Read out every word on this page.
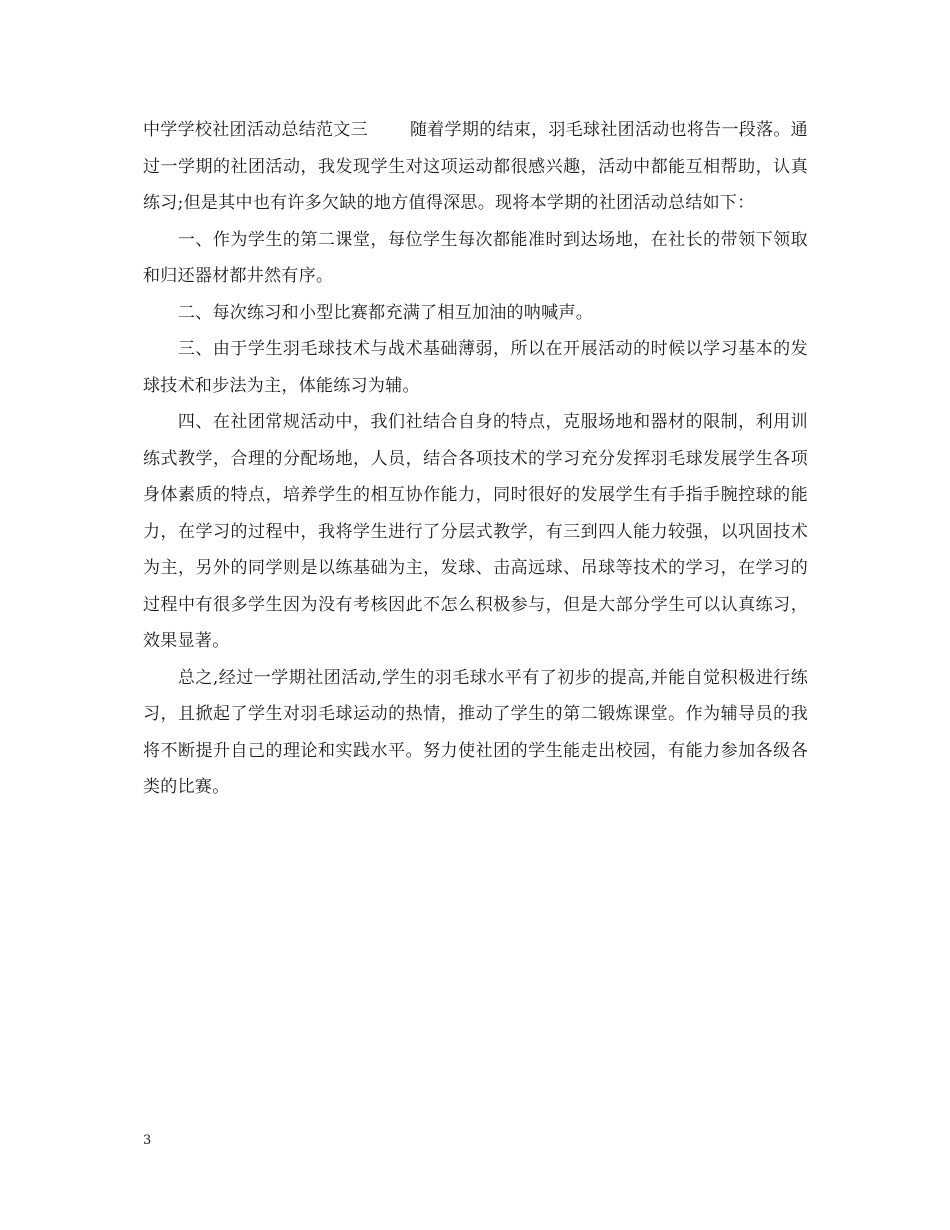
中学学校社团活动总结范文三 随着学期的结束，羽毛球社团活动也将告一段落。通过一学期的社团活动，我发现学生对这项运动都很感兴趣，活动中都能互相帮助，认真练习;但是其中也有许多欠缺的地方值得深思。现将本学期的社团活动总结如下：

一、作为学生的第二课堂，每位学生每次都能准时到达场地，在社长的带领下领取和归还器材都井然有序。

二、每次练习和小型比赛都充满了相互加油的呐喊声。

三、由于学生羽毛球技术与战术基础薄弱，所以在开展活动的时候以学习基本的发球技术和步法为主，体能练习为辅。

四、在社团常规活动中，我们社结合自身的特点，克服场地和器材的限制，利用训练式教学，合理的分配场地，人员，结合各项技术的学习充分发挥羽毛球发展学生各项身体素质的特点，培养学生的相互协作能力，同时很好的发展学生有手指手腕控球的能力，在学习的过程中，我将学生进行了分层式教学，有三到四人能力较强，以巩固技术为主，另外的同学则是以练基础为主，发球、击高远球、吊球等技术的学习，在学习的过程中有很多学生因为没有考核因此不怎么积极参与，但是大部分学生可以认真练习，效果显著。

总之,经过一学期社团活动,学生的羽毛球水平有了初步的提高,并能自觉积极进行练习，且掀起了学生对羽毛球运动的热情，推动了学生的第二锻炼课堂。作为辅导员的我将不断提升自己的理论和实践水平。努力使社团的学生能走出校园，有能力参加各级各类的比赛。

3
